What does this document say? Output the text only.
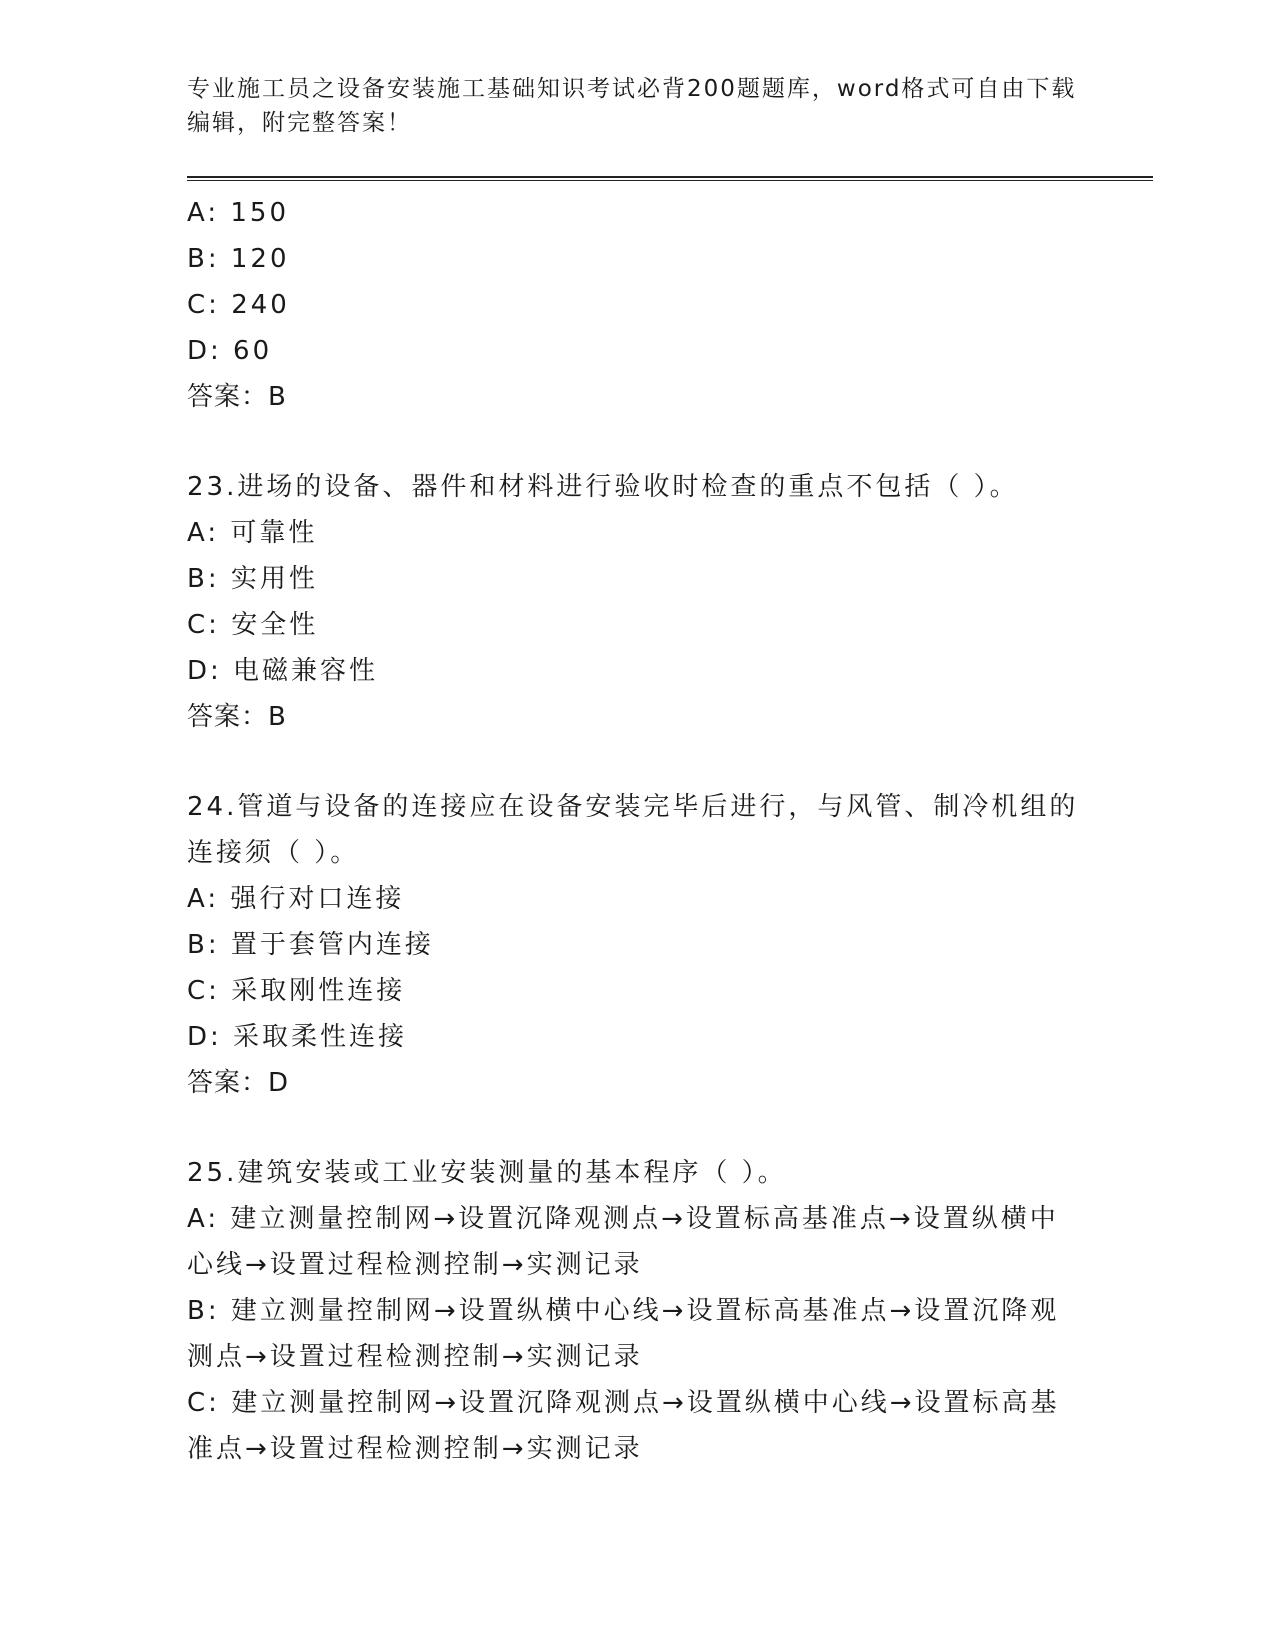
专业施工员之设备安装施工基础知识考试必背200题题库，word格式可自由下载编辑，附完整答案！
A: 150
B: 120
C: 240
D: 60
答案：B
23.进场的设备、器件和材料进行验收时检查的重点不包括（ ）。
A: 可靠性
B: 实用性
C: 安全性
D: 电磁兼容性
答案：B
24.管道与设备的连接应在设备安装完毕后进行，与风管、制冷机组的连接须（ ）。
A: 强行对口连接
B: 置于套管内连接
C: 采取刚性连接
D: 采取柔性连接
答案：D
25.建筑安装或工业安装测量的基本程序（ ）。
A: 建立测量控制网→设置沉降观测点→设置标高基准点→设置纵横中心线→设置过程检测控制→实测记录
B: 建立测量控制网→设置纵横中心线→设置标高基准点→设置沉降观测点→设置过程检测控制→实测记录
C: 建立测量控制网→设置沉降观测点→设置纵横中心线→设置标高基准点→设置过程检测控制→实测记录
